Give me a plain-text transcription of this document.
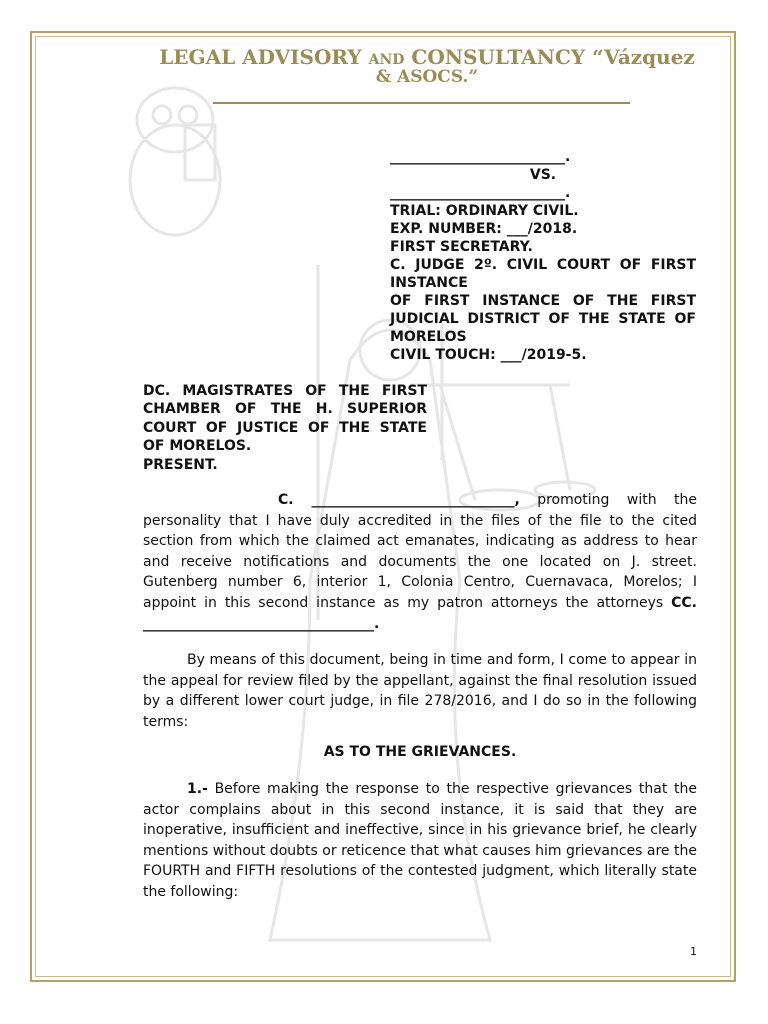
LEGAL ADVISORY AND CONSULTANCY “Vázquez
& ASOCS.”
_________________________.
VS.
_________________________.
TRIAL: ORDINARY CIVIL.
EXP. NUMBER: ___/2018.
FIRST SECRETARY.
C. JUDGE 2º. CIVIL COURT OF FIRST INSTANCE
OF FIRST INSTANCE OF THE FIRST JUDICIAL DISTRICT OF THE STATE OF MORELOS
CIVIL TOUCH: ___/2019-5.
DC. MAGISTRATES OF THE FIRST CHAMBER OF THE H. SUPERIOR COURT OF JUSTICE OF THE STATE OF MORELOS.
PRESENT.
C. _____________________________, promoting with the personality that I have duly accredited in the files of the file to the cited section from which the claimed act emanates, indicating as address to hear and receive notifications and documents the one located on J. street. Gutenberg number 6, interior 1, Colonia Centro, Cuernavaca, Morelos; I appoint in this second instance as my patron attorneys the attorneys CC. _________________________________.
By means of this document, being in time and form, I come to appear in the appeal for review filed by the appellant, against the final resolution issued by a different lower court judge, in file 278/2016, and I do so in the following terms:
AS TO THE GRIEVANCES.
1.- Before making the response to the respective grievances that the actor complains about in this second instance, it is said that they are inoperative, insufficient and ineffective, since in his grievance brief, he clearly mentions without doubts or reticence that what causes him grievances are the FOURTH and FIFTH resolutions of the contested judgment, which literally state the following:
1
